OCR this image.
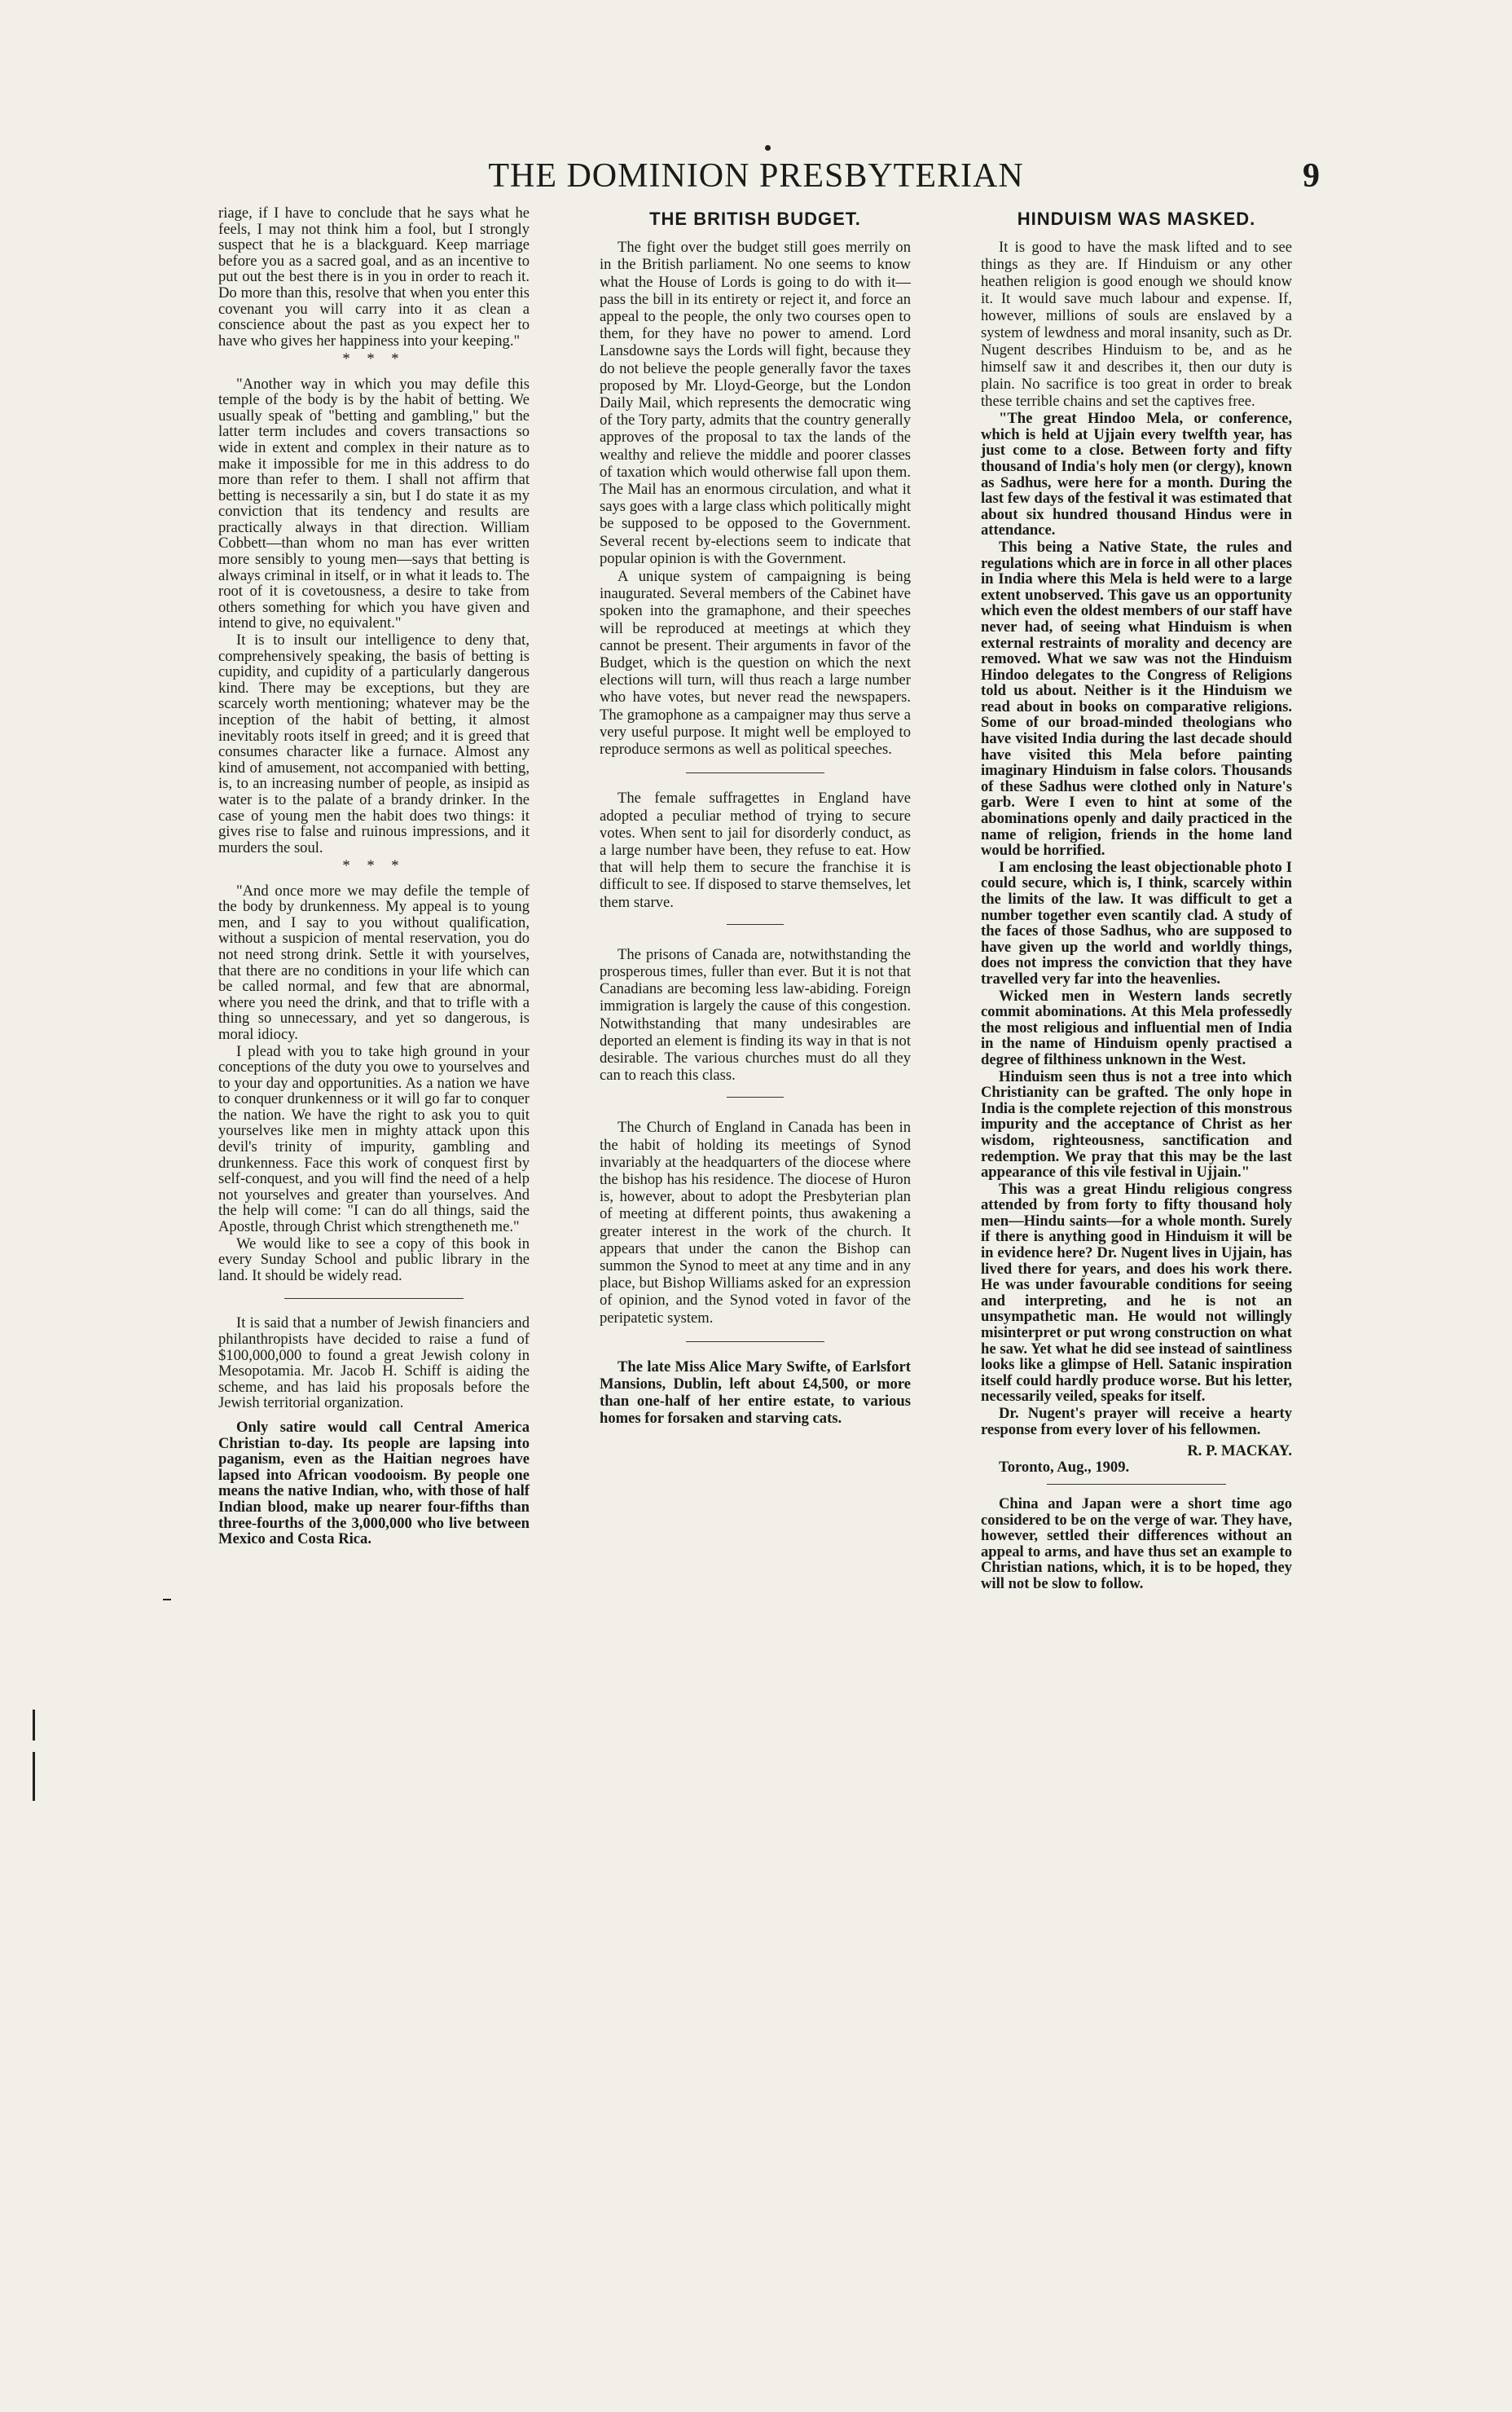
THE DOMINION PRESBYTERIAN	9

riage, if I have to conclude that he says what he feels, I may not think him a fool, but I strongly suspect that he is a blackguard. Keep marriage before you as a sacred goal, and as an incentive to put out the best there is in you in order to reach it. Do more than this, resolve that when you enter this covenant you will carry into it as clean a conscience about the past as you expect her to have who gives her happiness into your keeping."

* * *

"Another way in which you may defile this temple of the body is by the habit of betting. We usually speak of "betting and gambling," but the latter term includes and covers transactions so wide in extent and complex in their nature as to make it impossible for me in this address to do more than refer to them. I shall not affirm that betting is necessarily a sin, but I do state it as my conviction that its tendency and results are practically always in that direction. William Cobbett—than whom no man has ever written more sensibly to young men—says that betting is always criminal in itself, or in what it leads to. The root of it is covetousness, a desire to take from others something for which you have given and intend to give, no equivalent."

It is to insult our intelligence to deny that, comprehensively speaking, the basis of betting is cupidity, and cupidity of a particularly dangerous kind. There may be exceptions, but they are scarcely worth mentioning; whatever may be the inception of the habit of betting, it almost inevitably roots itself in greed; and it is greed that consumes character like a furnace. Almost any kind of amusement, not accompanied with betting, is, to an increasing number of people, as insipid as water is to the palate of a brandy drinker. In the case of young men the habit does two things: it gives rise to false and ruinous impressions, and it murders the soul.

* * *

"And once more we may defile the temple of the body by drunkenness. My appeal is to young men, and I say to you without qualification, without a suspicion of mental reservation, you do not need strong drink. Settle it with yourselves, that there are no conditions in your life which can be called normal, and few that are abnormal, where you need the drink, and that to trifle with a thing so unnecessary, and yet so dangerous, is moral idiocy.

I plead with you to take high ground in your conceptions of the duty you owe to yourselves and to your day and opportunities. As a nation we have to conquer drunkenness or it will go far to conquer the nation. We have the right to ask you to quit yourselves like men in mighty attack upon this devil's trinity of impurity, gambling and drunkenness. Face this work of conquest first by self-conquest, and you will find the need of a help not yourselves and greater than yourselves. And the help will come: "I can do all things, said the Apostle, through Christ which strengtheneth me."

We would like to see a copy of this book in every Sunday School and public library in the land. It should be widely read.

It is said that a number of Jewish financiers and philanthropists have decided to raise a fund of $100,000,000 to found a great Jewish colony in Mesopotamia. Mr. Jacob H. Schiff is aiding the scheme, and has laid his proposals before the Jewish territorial organization.

Only satire would call Central America Christian to-day. Its people are lapsing into paganism, even as the Haitian negroes have lapsed into African voodooism. By people one means the native Indian, who, with those of half Indian blood, make up nearer four-fifths than three-fourths of the 3,000,000 who live between Mexico and Costa Rica.

THE BRITISH BUDGET.

The fight over the budget still goes merrily on in the British parliament. No one seems to know what the House of Lords is going to do with it—pass the bill in its entirety or reject it, and force an appeal to the people, the only two courses open to them, for they have no power to amend. Lord Lansdowne says the Lords will fight, because they do not believe the people generally favor the taxes proposed by Mr. Lloyd-George, but the London Daily Mail, which represents the democratic wing of the Tory party, admits that the country generally approves of the proposal to tax the lands of the wealthy and relieve the middle and poorer classes of taxation which would otherwise fall upon them. The Mail has an enormous circulation, and what it says goes with a large class which politically might be supposed to be opposed to the Government. Several recent by-elections seem to indicate that popular opinion is with the Government.

A unique system of campaigning is being inaugurated. Several members of the Cabinet have spoken into the gramaphone, and their speeches will be reproduced at meetings at which they cannot be present. Their arguments in favor of the Budget, which is the question on which the next elections will turn, will thus reach a large number who have votes, but never read the newspapers. The gramophone as a campaigner may thus serve a very useful purpose. It might well be employed to reproduce sermons as well as political speeches.

The female suffragettes in England have adopted a peculiar method of trying to secure votes. When sent to jail for disorderly conduct, as a large number have been, they refuse to eat. How that will help them to secure the franchise it is difficult to see. If disposed to starve themselves, let them starve.

The prisons of Canada are, notwithstanding the prosperous times, fuller than ever. But it is not that Canadians are becoming less law-abiding. Foreign immigration is largely the cause of this congestion. Notwithstanding that many undesirables are deported an element is finding its way in that is not desirable. The various churches must do all they can to reach this class.

The Church of England in Canada has been in the habit of holding its meetings of Synod invariably at the headquarters of the diocese where the bishop has his residence. The diocese of Huron is, however, about to adopt the Presbyterian plan of meeting at different points, thus awakening a greater interest in the work of the church. It appears that under the canon the Bishop can summon the Synod to meet at any time and in any place, but Bishop Williams asked for an expression of opinion, and the Synod voted in favor of the peripatetic system.

The late Miss Alice Mary Swifte, of Earlsfort Mansions, Dublin, left about £4,500, or more than one-half of her entire estate, to various homes for forsaken and starving cats.

HINDUISM WAS MASKED.

It is good to have the mask lifted and to see things as they are. If Hinduism or any other heathen religion is good enough we should know it. It would save much labour and expense. If, however, millions of souls are enslaved by a system of lewdness and moral insanity, such as Dr. Nugent describes Hinduism to be, and as he himself saw it and describes it, then our duty is plain. No sacrifice is too great in order to break these terrible chains and set the captives free.

"The great Hindoo Mela, or conference, which is held at Ujjain every twelfth year, has just come to a close. Between forty and fifty thousand of India's holy men (or clergy), known as Sadhus, were here for a month. During the last few days of the festival it was estimated that about six hundred thousand Hindus were in attendance.

This being a Native State, the rules and regulations which are in force in all other places in India where this Mela is held were to a large extent unobserved. This gave us an opportunity which even the oldest members of our staff have never had, of seeing what Hinduism is when external restraints of morality and decency are removed. What we saw was not the Hinduism Hindoo delegates to the Congress of Religions told us about. Neither is it the Hinduism we read about in books on comparative religions. Some of our broad-minded theologians who have visited India during the last decade should have visited this Mela before painting imaginary Hinduism in false colors. Thousands of these Sadhus were clothed only in Nature's garb. Were I even to hint at some of the abominations openly and daily practiced in the name of religion, friends in the home land would be horrified.

I am enclosing the least objectionable photo I could secure, which is, I think, scarcely within the limits of the law. It was difficult to get a number together even scantily clad. A study of the faces of those Sadhus, who are supposed to have given up the world and worldly things, does not impress the conviction that they have travelled very far into the heavenlies.

Wicked men in Western lands secretly commit abominations. At this Mela professedly the most religious and influential men of India in the name of Hinduism openly practised a degree of filthiness unknown in the West.

Hinduism seen thus is not a tree into which Christianity can be grafted. The only hope in India is the complete rejection of this monstrous impurity and the acceptance of Christ as her wisdom, righteousness, sanctification and redemption. We pray that this may be the last appearance of this vile festival in Ujjain."

This was a great Hindu religious congress attended by from forty to fifty thousand holy men—Hindu saints—for a whole month. Surely if there is anything good in Hinduism it will be in evidence here? Dr. Nugent lives in Ujjain, has lived there for years, and does his work there. He was under favourable conditions for seeing and interpreting, and he is not an unsympathetic man. He would not willingly misinterpret or put wrong construction on what he saw. Yet what he did see instead of saintliness looks like a glimpse of Hell. Satanic inspiration itself could hardly produce worse. But his letter, necessarily veiled, speaks for itself.

Dr. Nugent's prayer will receive a hearty response from every lover of his fellowmen.

R. P. MACKAY.

Toronto, Aug., 1909.

China and Japan were a short time ago considered to be on the verge of war. They have, however, settled their differences without an appeal to arms, and have thus set an example to Christian nations, which, it is to be hoped, they will not be slow to follow.
